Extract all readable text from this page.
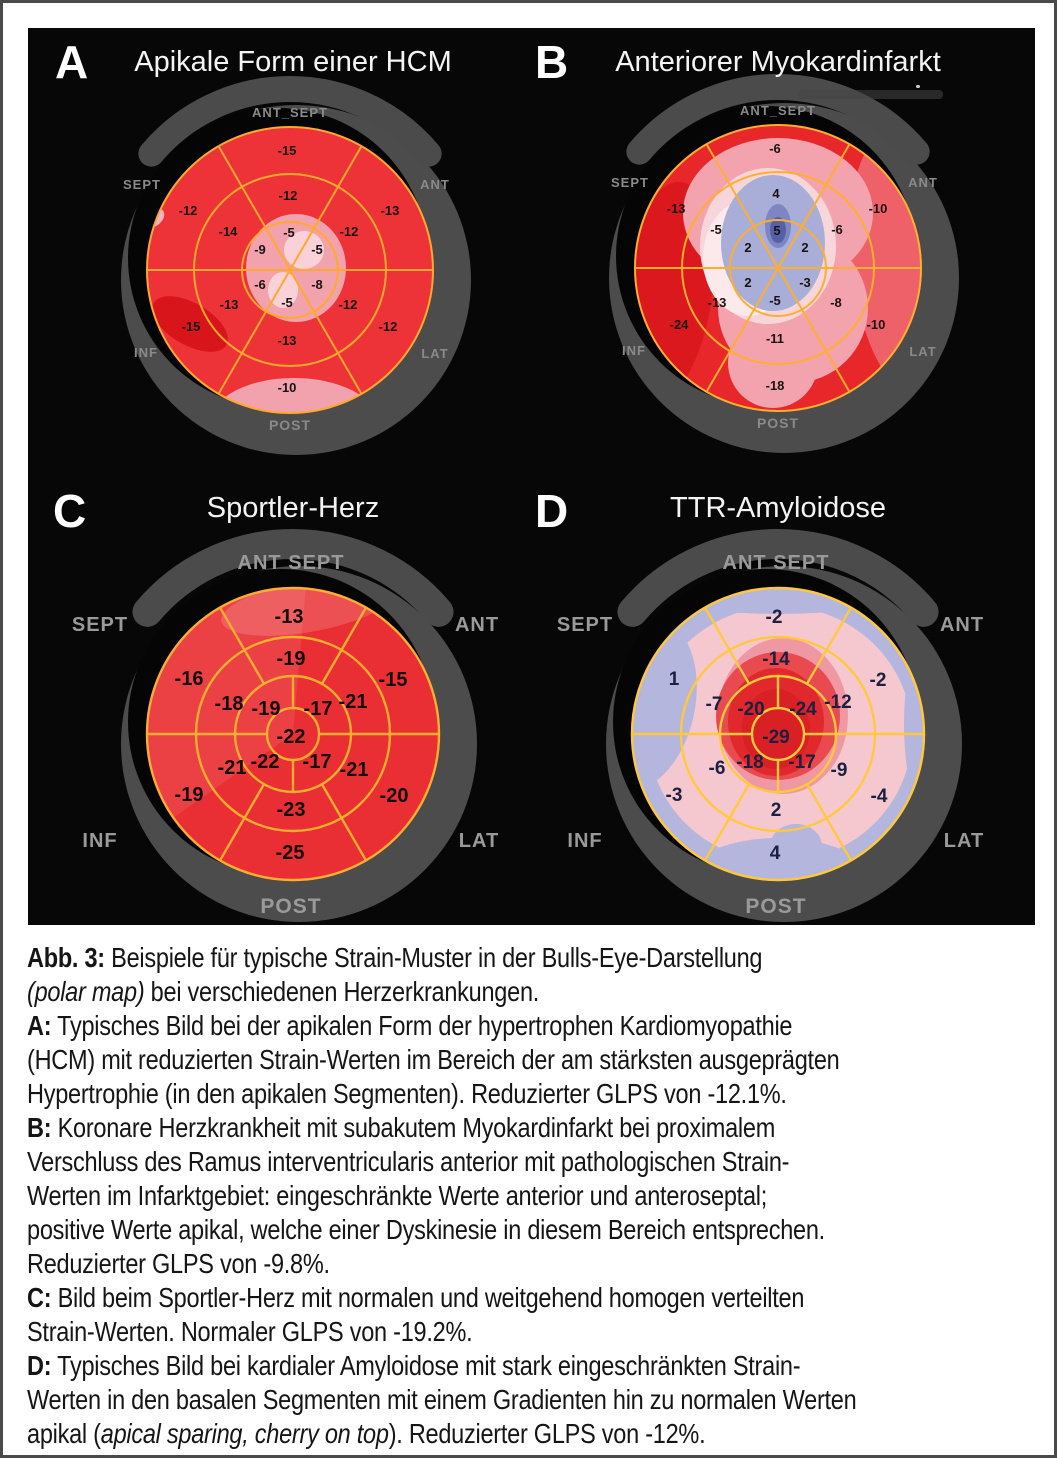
-15
-12	-13
-15	-12
-10
-12
-14	-12
-13	-12
-13
-5
-9	-5
-6	-8
-5
ANT_SEPT
SEPT	ANT
INF	LAT
POST
-6
-13	-10
-24	-10
-18
4
-5	-6
-13	-8
-11
5
2	2
2	-3
-5
ANT_SEPT
SEPT	ANT
INF	LAT
POST
-13
-16	-15
-19	-20
-25
-19
-18	-21
-21	-21
-23
-19 -17
-22 -17
-22
ANT SEPT
SEPT	ANT
INF	LAT
POST
-2
1	-2
-3	-4
4
-14
-7	-12
-6	-9
2
-20 -24
-18 -17
-29
ANT SEPT
SEPT	ANT
INF	LAT
POST
A	Apikale Form einer HCM	B	Anteriorer Myokardinfarkt
C	Sportler-Herz	D	TTR-Amyloidose
Abb. 3: Beispiele für typische Strain-Muster in der Bulls-Eye-Darstellung
(polar map) bei verschiedenen Herzerkrankungen.
A: Typisches Bild bei der apikalen Form der hypertrophen Kardiomyopathie
(HCM) mit reduzierten Strain-Werten im Bereich der am stärksten ausgeprägten
Hypertrophie (in den apikalen Segmenten). Reduzierter GLPS von -12.1%.
B: Koronare Herzkrankheit mit subakutem Myokardinfarkt bei proximalem
Verschluss des Ramus interventricularis anterior mit pathologischen Strain-
Werten im Infarktgebiet: eingeschränkte Werte anterior und anteroseptal;
positive Werte apikal, welche einer Dyskinesie in diesem Bereich entsprechen.
Reduzierter GLPS von -9.8%.
C: Bild beim Sportler-Herz mit normalen und weitgehend homogen verteilten
Strain-Werten. Normaler GLPS von -19.2%.
D: Typisches Bild bei kardialer Amyloidose mit stark eingeschränkten Strain-
Werten in den basalen Segmenten mit einem Gradienten hin zu normalen Werten
apikal (apical sparing, cherry on top). Reduzierter GLPS von -12%.
